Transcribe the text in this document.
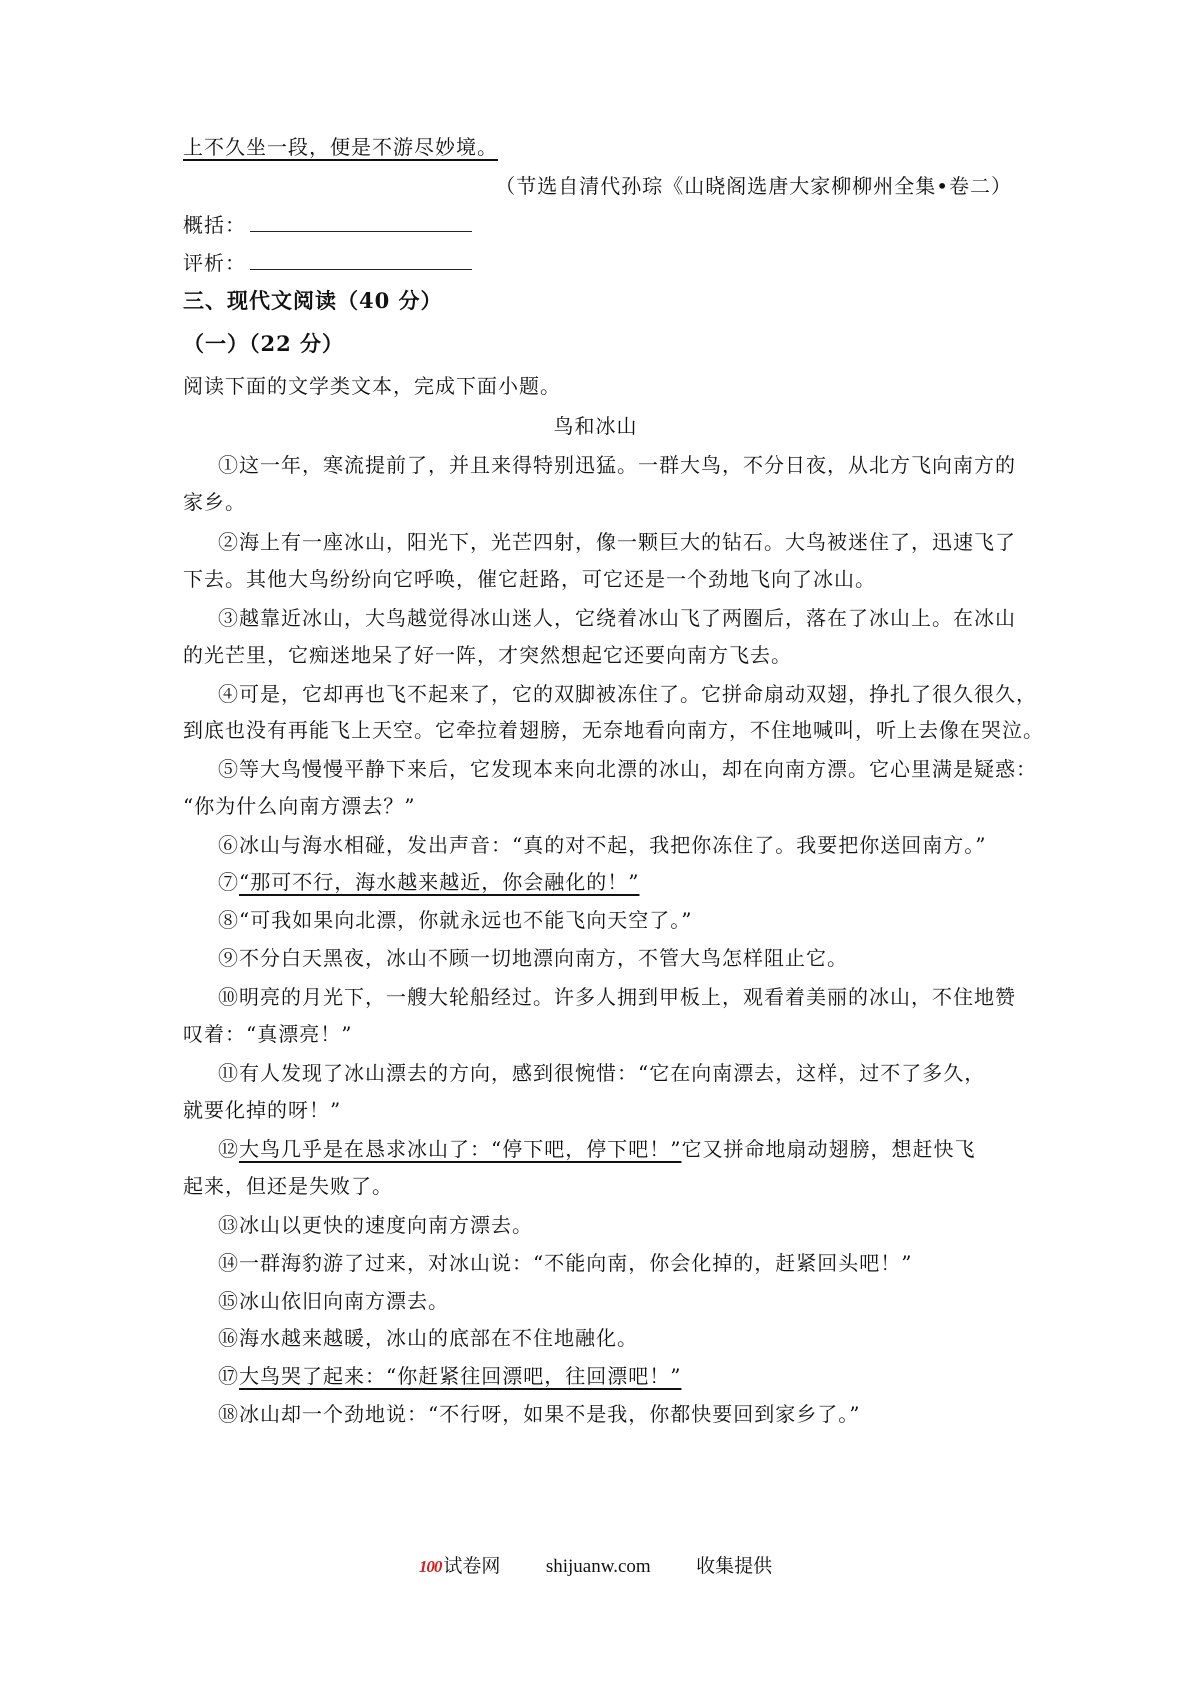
上不久坐一段，便是不游尽妙境。
（节选自清代孙琮《山晓阁选唐大家柳柳州全集•卷二）
概括：
评析：
三、现代文阅读（40 分）
（一）（22 分）
阅读下面的文学类文本，完成下面小题。
鸟和冰山
①这一年，寒流提前了，并且来得特别迅猛。一群大鸟，不分日夜，从北方飞向南方的
家乡。
②海上有一座冰山，阳光下，光芒四射，像一颗巨大的钻石。大鸟被迷住了，迅速飞了
下去。其他大鸟纷纷向它呼唤，催它赶路，可它还是一个劲地飞向了冰山。
③越靠近冰山，大鸟越觉得冰山迷人，它绕着冰山飞了两圈后，落在了冰山上。在冰山
的光芒里，它痴迷地呆了好一阵，才突然想起它还要向南方飞去。
④可是，它却再也飞不起来了，它的双脚被冻住了。它拼命扇动双翅，挣扎了很久很久，
到底也没有再能飞上天空。它牵拉着翅膀，无奈地看向南方，不住地喊叫，听上去像在哭泣。
⑤等大鸟慢慢平静下来后，它发现本来向北漂的冰山，却在向南方漂。它心里满是疑惑：
“你为什么向南方漂去？”
⑥冰山与海水相碰，发出声音：“真的对不起，我把你冻住了。我要把你送回南方。”
⑦“那可不行，海水越来越近，你会融化的！”
⑧“可我如果向北漂，你就永远也不能飞向天空了。”
⑨不分白天黑夜，冰山不顾一切地漂向南方，不管大鸟怎样阻止它。
⑩明亮的月光下，一艘大轮船经过。许多人拥到甲板上，观看着美丽的冰山，不住地赞
叹着：“真漂亮！”
⑪有人发现了冰山漂去的方向，感到很惋惜：“它在向南漂去，这样，过不了多久，
就要化掉的呀！”
⑫大鸟几乎是在恳求冰山了：“停下吧，停下吧！”它又拼命地扇动翅膀，想赶快飞
起来，但还是失败了。
⑬冰山以更快的速度向南方漂去。
⑭一群海豹游了过来，对冰山说：“不能向南，你会化掉的，赶紧回头吧！”
⑮冰山依旧向南方漂去。
⑯海水越来越暖，冰山的底部在不住地融化。
⑰大鸟哭了起来：“你赶紧往回漂吧，往回漂吧！”
⑱冰山却一个劲地说：“不行呀，如果不是我，你都快要回到家乡了。”
100 试卷网 shijuanw.com 收集提供
